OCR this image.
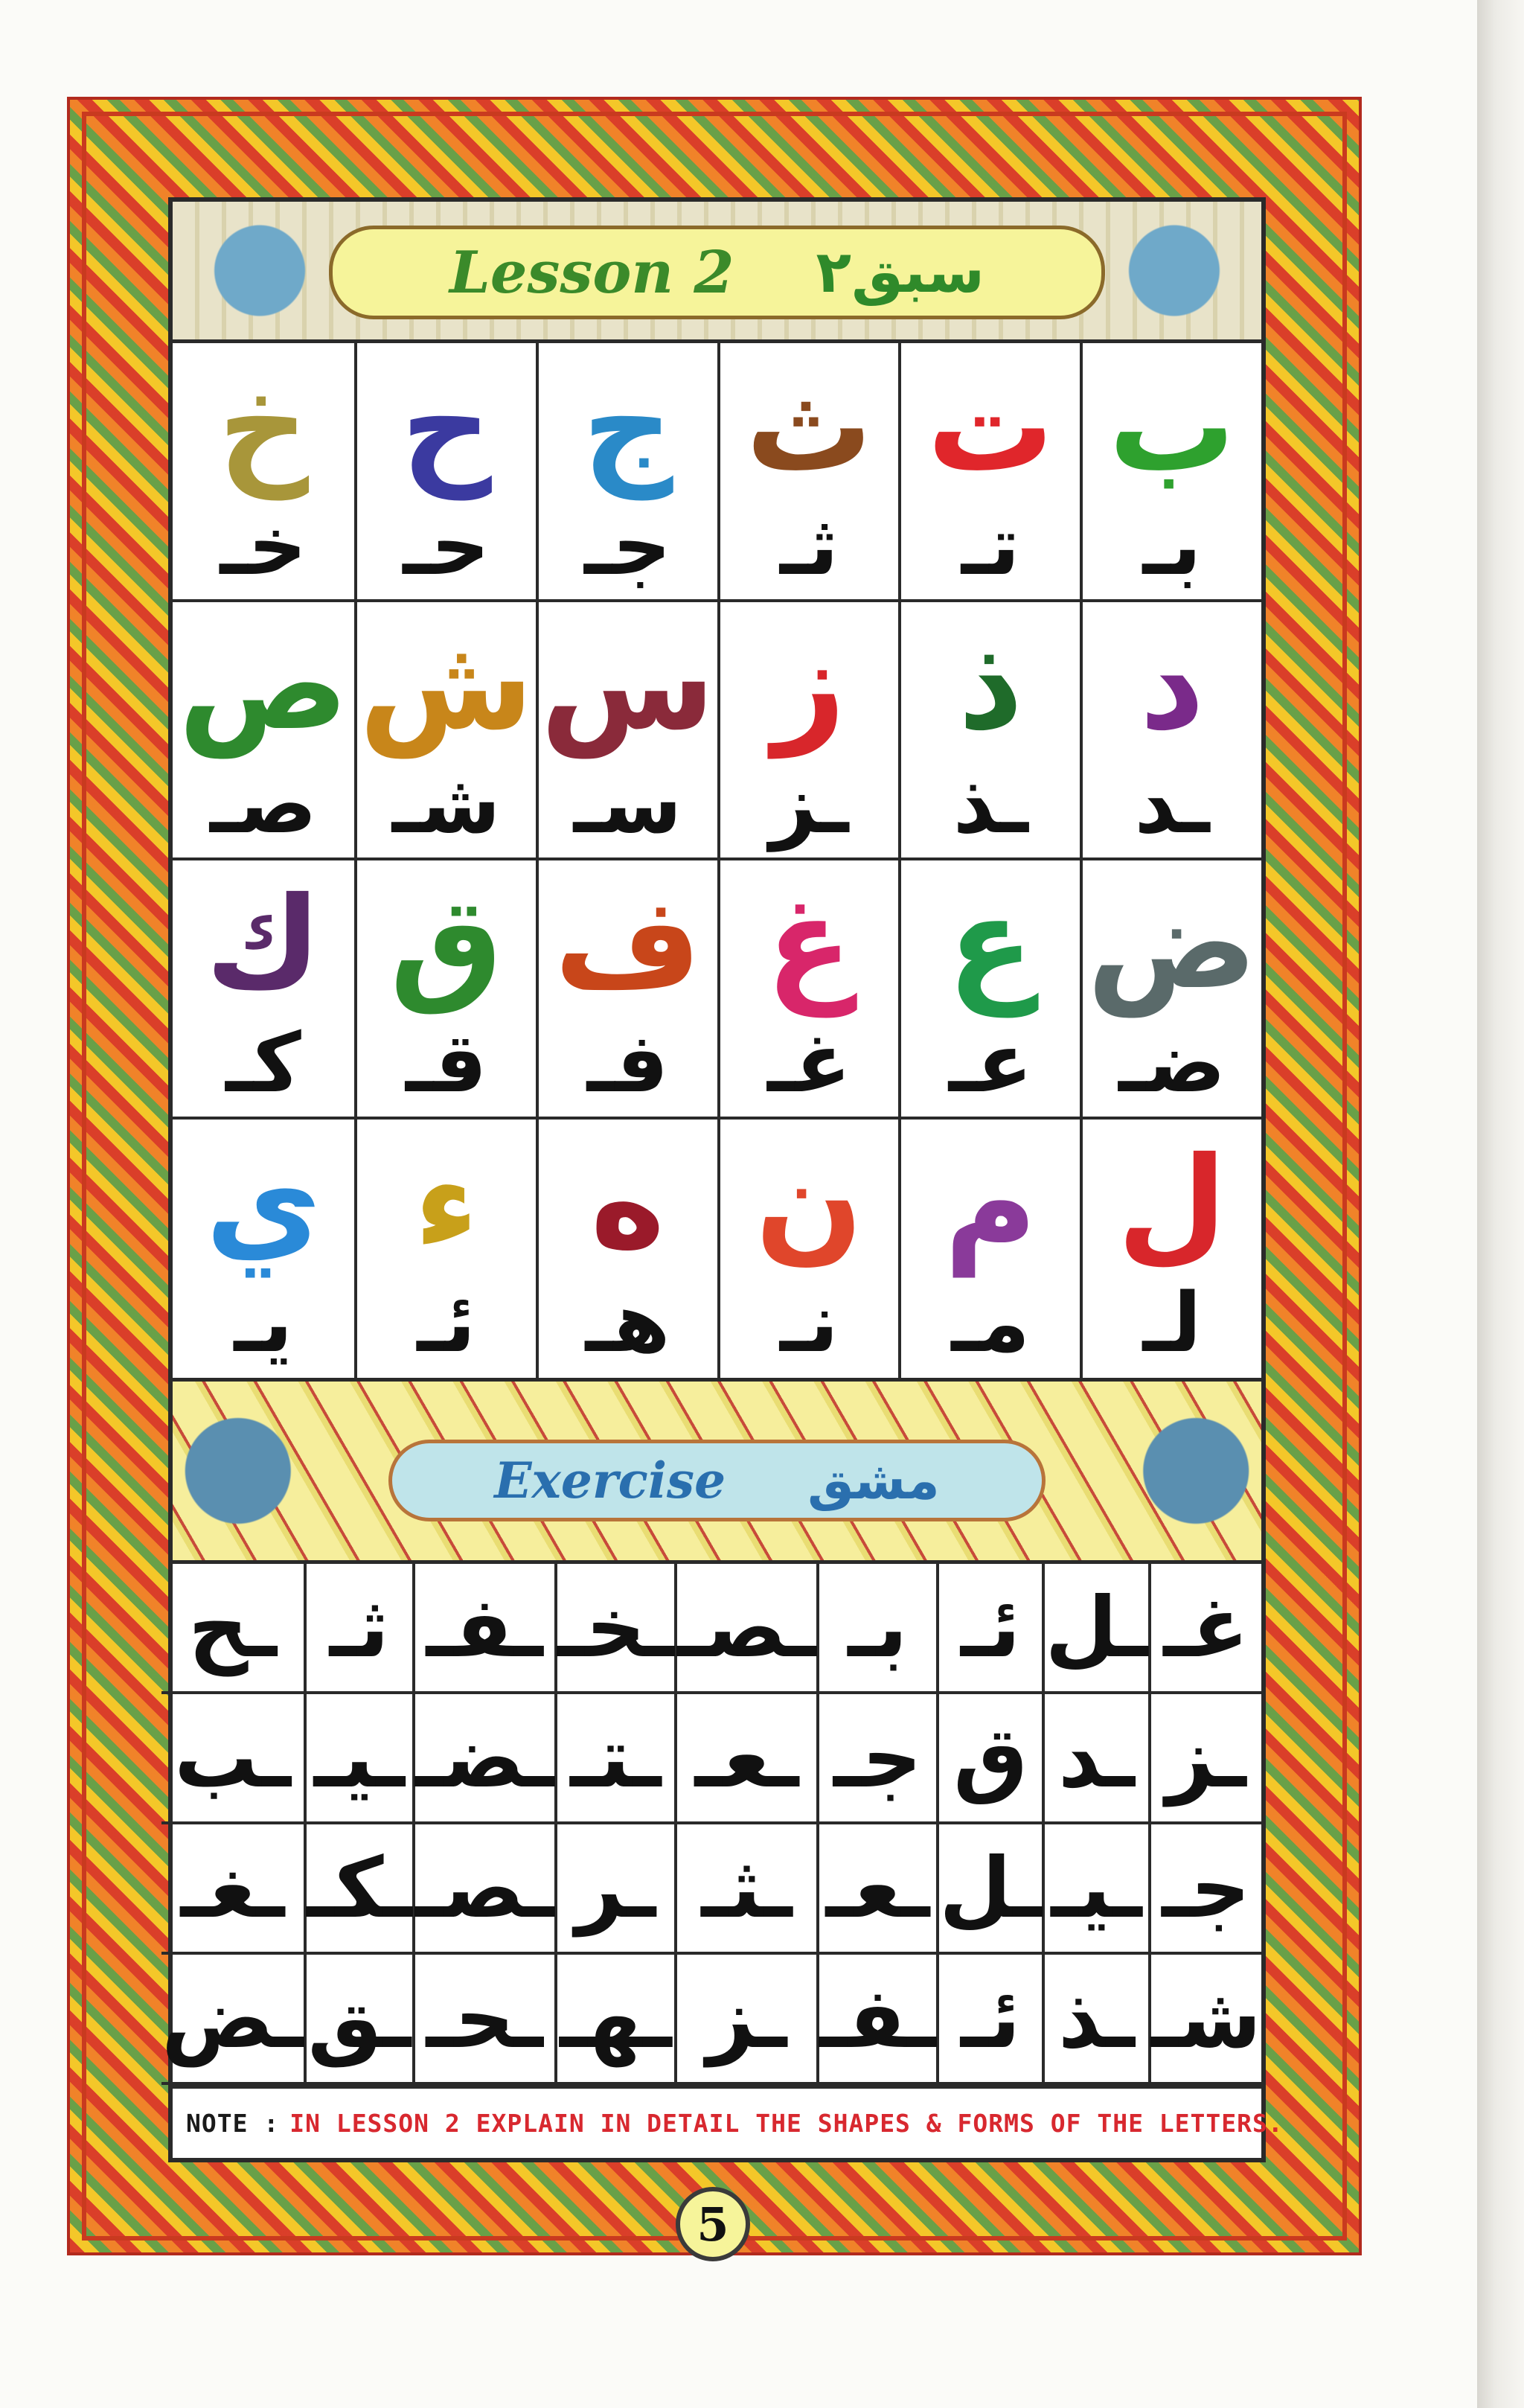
Lesson 2 سبق۲
ب
بـ
ت
تـ
ث
ثـ
ج
جـ
ح
حـ
خ
خـ
د
ـد
ذ
ـذ
ز
ـز
س
سـ
ش
شـ
ص
صـ
ض
ضـ
ع
عـ
غ
غـ
ف
فـ
ق
قـ
ك
كـ
ل
لـ
م
مـ
ن
نـ
ه
هـ
ء
ئـ
ي
يـ
Exercise مشق
غـ
ـل
ئـ
بـ
ـصـ
ـخـ
ـفـ
ثـ
ـح
ـز
ـد
ق
جـ
ـعـ
ـتـ
ـضـ
ـيـ
ـب
جـ
ـيـ
ـل
ـعـ
ـثـ
ـر
ـصـ
ـكـ
ـغـ
شـ
ـذ
ئـ
ـفـ
ـز
ـهـ
ـحـ
ـق
ـض
NOTE : IN LESSON 2 EXPLAIN IN DETAIL THE SHAPES & FORMS OF THE LETTERS.
5
